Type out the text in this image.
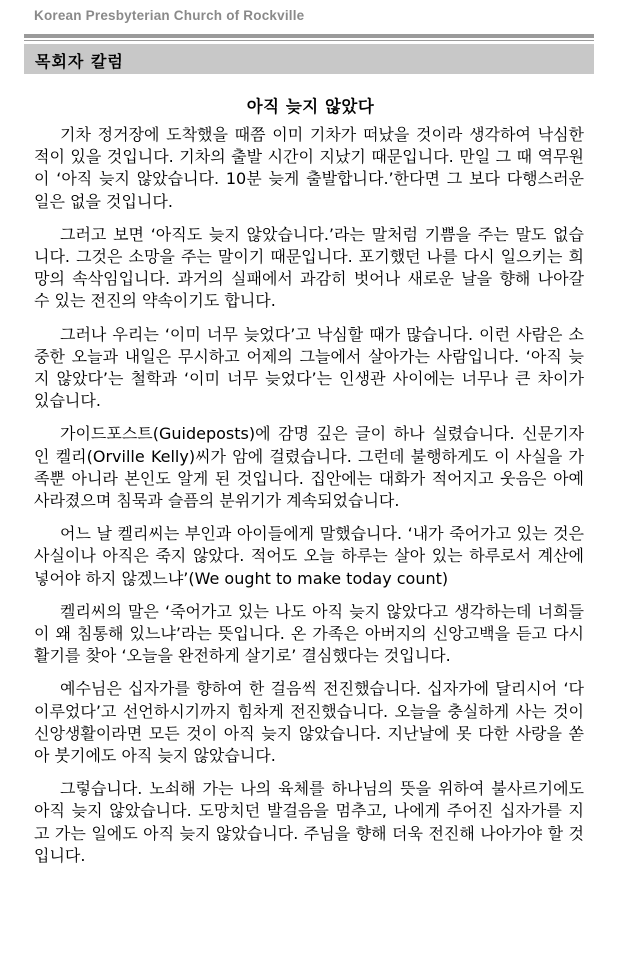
Korean Presbyterian Church of Rockville
목회자 칼럼
아직 늦지 않았다

기차 정거장에 도착했을 때쯤 이미 기차가 떠났을 것이라 생각하여 낙심한 적이 있을 것입니다. 기차의 출발 시간이 지났기 때문입니다. 만일 그 때 역무원이 ‘아직 늦지 않았습니다. 10분 늦게 출발합니다.’한다면 그 보다 다행스러운 일은 없을 것입니다.

그러고 보면 ‘아직도 늦지 않았습니다.’라는 말처럼 기쁨을 주는 말도 없습니다. 그것은 소망을 주는 말이기 때문입니다. 포기했던 나를 다시 일으키는 희망의 속삭임입니다. 과거의 실패에서 과감히 벗어나 새로운 날을 향해 나아갈 수 있는 전진의 약속이기도 합니다.

그러나 우리는 ‘이미 너무 늦었다’고 낙심할 때가 많습니다. 이런 사람은 소중한 오늘과 내일은 무시하고 어제의 그늘에서 살아가는 사람입니다. ‘아직 늦지 않았다’는 철학과 ‘이미 너무 늦었다’는 인생관 사이에는 너무나 큰 차이가 있습니다.

가이드포스트(Guideposts)에 감명 깊은 글이 하나 실렸습니다. 신문기자인 켈리(Orville Kelly)씨가 암에 걸렸습니다. 그런데 불행하게도 이 사실을 가족뿐 아니라 본인도 알게 된 것입니다. 집안에는 대화가 적어지고 웃음은 아예 사라졌으며 침묵과 슬픔의 분위기가 계속되었습니다.

어느 날 켈리씨는 부인과 아이들에게 말했습니다. ‘내가 죽어가고 있는 것은 사실이나 아직은 죽지 않았다. 적어도 오늘 하루는 살아 있는 하루로서 계산에 넣어야 하지 않겠느냐’(We ought to make today count)

켈리씨의 말은 ‘죽어가고 있는 나도 아직 늦지 않았다고 생각하는데 너희들이 왜 침통해 있느냐’라는 뜻입니다. 온 가족은 아버지의 신앙고백을 듣고 다시 활기를 찾아 ‘오늘을 완전하게 살기로’ 결심했다는 것입니다.

예수님은 십자가를 향하여 한 걸음씩 전진했습니다. 십자가에 달리시어 ‘다 이루었다’고 선언하시기까지 힘차게 전진했습니다. 오늘을 충실하게 사는 것이 신앙생활이라면 모든 것이 아직 늦지 않았습니다. 지난날에 못 다한 사랑을 쏟아 붓기에도 아직 늦지 않았습니다.

그렇습니다. 노쇠해 가는 나의 육체를 하나님의 뜻을 위하여 불사르기에도 아직 늦지 않았습니다. 도망치던 발걸음을 멈추고, 나에게 주어진 십자가를 지고 가는 일에도 아직 늦지 않았습니다. 주님을 향해 더욱 전진해 나아가야 할 것입니다.
